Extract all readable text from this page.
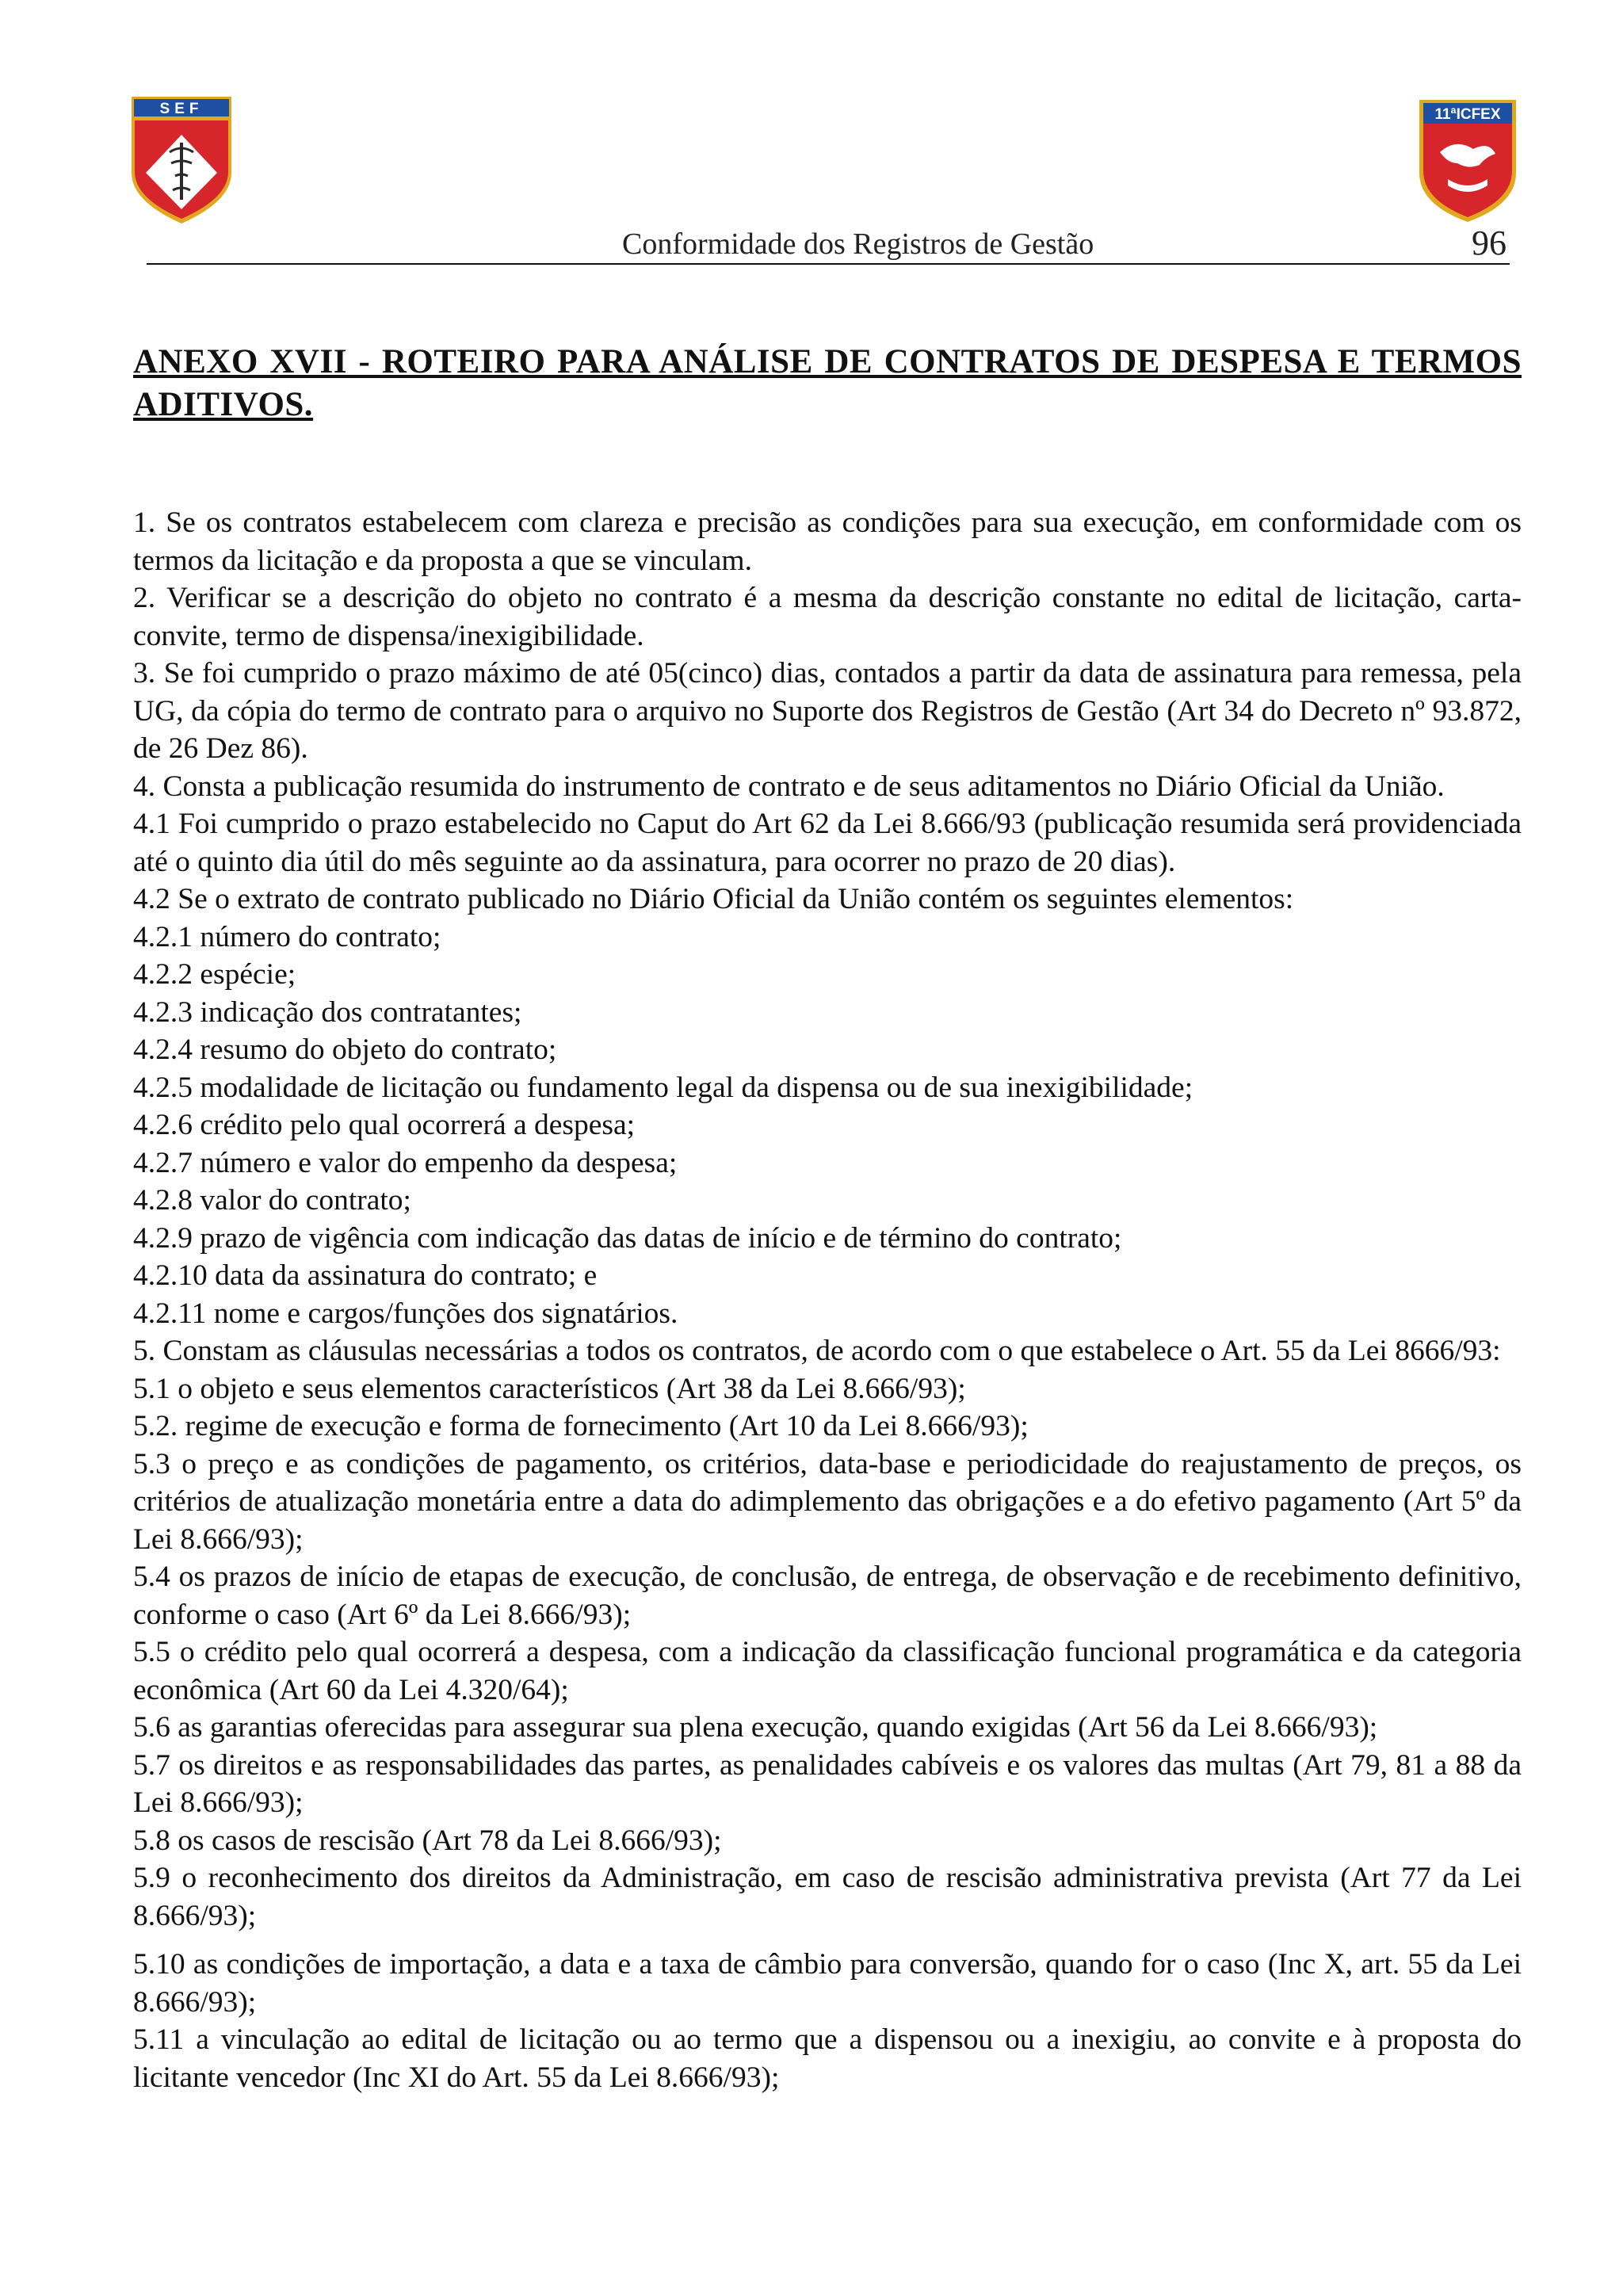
SEF	11ªICFEX
Conformidade dos Registros de Gestão	96
ANEXO XVII - ROTEIRO PARA ANÁLISE DE CONTRATOS DE DESPESA E TERMOS ADITIVOS.

1. Se os contratos estabelecem com clareza e precisão as condições para sua execução, em conformidade com os termos da licitação e da proposta a que se vinculam.

2. Verificar se a descrição do objeto no contrato é a mesma da descrição constante no edital de licitação, carta-convite, termo de dispensa/inexigibilidade.

3. Se foi cumprido o prazo máximo de até 05(cinco) dias, contados a partir da data de assinatura para remessa, pela UG, da cópia do termo de contrato para o arquivo no Suporte dos Registros de Gestão (Art 34 do Decreto nº 93.872, de 26 Dez 86).

4. Consta a publicação resumida do instrumento de contrato e de seus aditamentos no Diário Oficial da União.

4.1 Foi cumprido o prazo estabelecido no Caput do Art 62 da Lei 8.666/93 (publicação resumida será providenciada até o quinto dia útil do mês seguinte ao da assinatura, para ocorrer no prazo de 20 dias).

4.2 Se o extrato de contrato publicado no Diário Oficial da União contém os seguintes elementos:

4.2.1 número do contrato;

4.2.2 espécie;

4.2.3 indicação dos contratantes;

4.2.4 resumo do objeto do contrato;

4.2.5 modalidade de licitação ou fundamento legal da dispensa ou de sua inexigibilidade;

4.2.6 crédito pelo qual ocorrerá a despesa;

4.2.7 número e valor do empenho da despesa;

4.2.8 valor do contrato;

4.2.9 prazo de vigência com indicação das datas de início e de término do contrato;

4.2.10 data da assinatura do contrato; e

4.2.11 nome e cargos/funções dos signatários.

5. Constam as cláusulas necessárias a todos os contratos, de acordo com o que estabelece o Art. 55 da Lei 8666/93:

5.1 o objeto e seus elementos característicos (Art 38 da Lei 8.666/93);

5.2. regime de execução e forma de fornecimento (Art 10 da Lei 8.666/93);

5.3 o preço e as condições de pagamento, os critérios, data-base e periodicidade do reajustamento de preços, os critérios de atualização monetária entre a data do adimplemento das obrigações e a do efetivo pagamento (Art 5º da Lei 8.666/93);

5.4 os prazos de início de etapas de execução, de conclusão, de entrega, de observação e de recebimento definitivo, conforme o caso (Art 6º da Lei 8.666/93);

5.5 o crédito pelo qual ocorrerá a despesa, com a indicação da classificação funcional programática e da categoria econômica (Art 60 da Lei 4.320/64);

5.6 as garantias oferecidas para assegurar sua plena execução, quando exigidas (Art 56 da Lei 8.666/93);

5.7 os direitos e as responsabilidades das partes, as penalidades cabíveis e os valores das multas (Art 79, 81 a 88 da Lei 8.666/93);

5.8 os casos de rescisão (Art 78 da Lei 8.666/93);

5.9 o reconhecimento dos direitos da Administração, em caso de rescisão administrativa prevista (Art 77 da Lei 8.666/93);

5.10 as condições de importação, a data e a taxa de câmbio para conversão, quando for o caso (Inc X, art. 55 da Lei 8.666/93);

5.11 a vinculação ao edital de licitação ou ao termo que a dispensou ou a inexigiu, ao convite e à proposta do licitante vencedor (Inc XI do Art. 55 da Lei 8.666/93);
